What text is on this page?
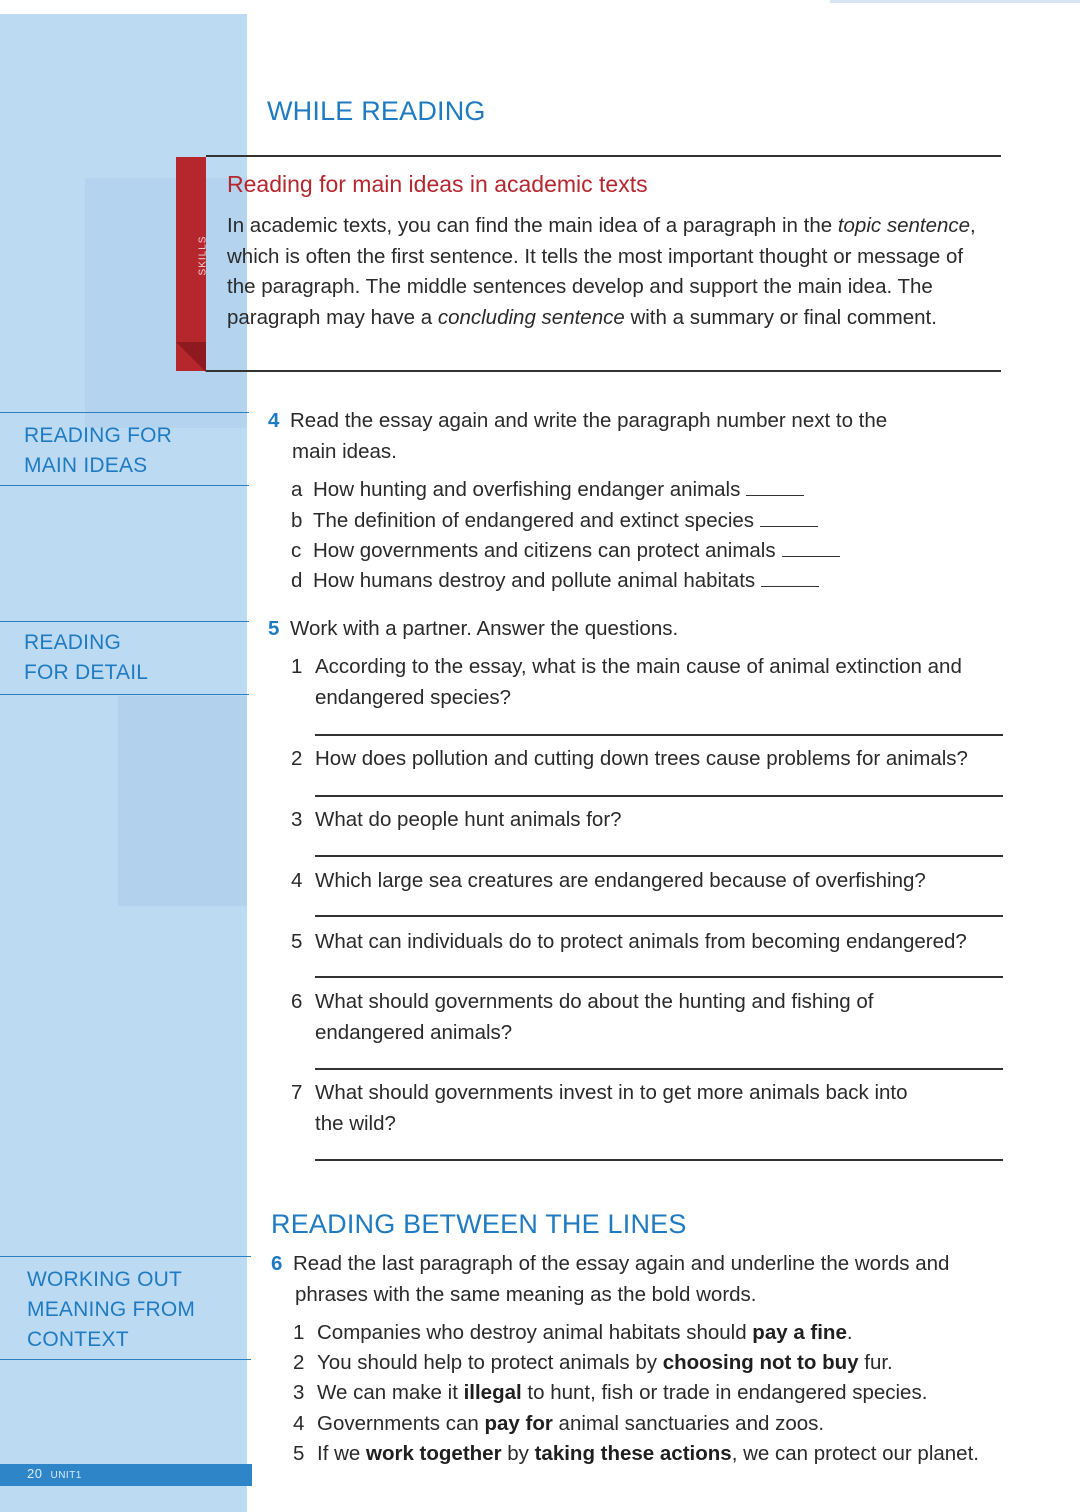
READING FOR
MAIN IDEAS
READING
FOR DETAIL
WORKING OUT
MEANING FROM
CONTEXT
20 UNIT1
WHILE READING
SKILLS
Reading for main ideas in academic texts
In academic texts, you can find the main idea of a paragraph in the topic sentence, which is often the first sentence. It tells the most important thought or message of the paragraph. The middle sentences develop and support the main idea. The paragraph may have a concluding sentence with a summary or final comment.
4 Read the essay again and write the paragraph number next to the
main ideas.
a How hunting and overfishing endanger animals
b The definition of endangered and extinct species
c How governments and citizens can protect animals
d How humans destroy and pollute animal habitats
5 Work with a partner. Answer the questions.
1 According to the essay, what is the main cause of animal extinction and
endangered species?
2 How does pollution and cutting down trees cause problems for animals?
3 What do people hunt animals for?
4 Which large sea creatures are endangered because of overfishing?
5 What can individuals do to protect animals from becoming endangered?
6 What should governments do about the hunting and fishing of
endangered animals?
7 What should governments invest in to get more animals back into
the wild?
READING BETWEEN THE LINES
6 Read the last paragraph of the essay again and underline the words and
phrases with the same meaning as the bold words.
1 Companies who destroy animal habitats should pay a fine.
2 You should help to protect animals by choosing not to buy fur.
3 We can make it illegal to hunt, fish or trade in endangered species.
4 Governments can pay for animal sanctuaries and zoos.
5 If we work together by taking these actions, we can protect our planet.
